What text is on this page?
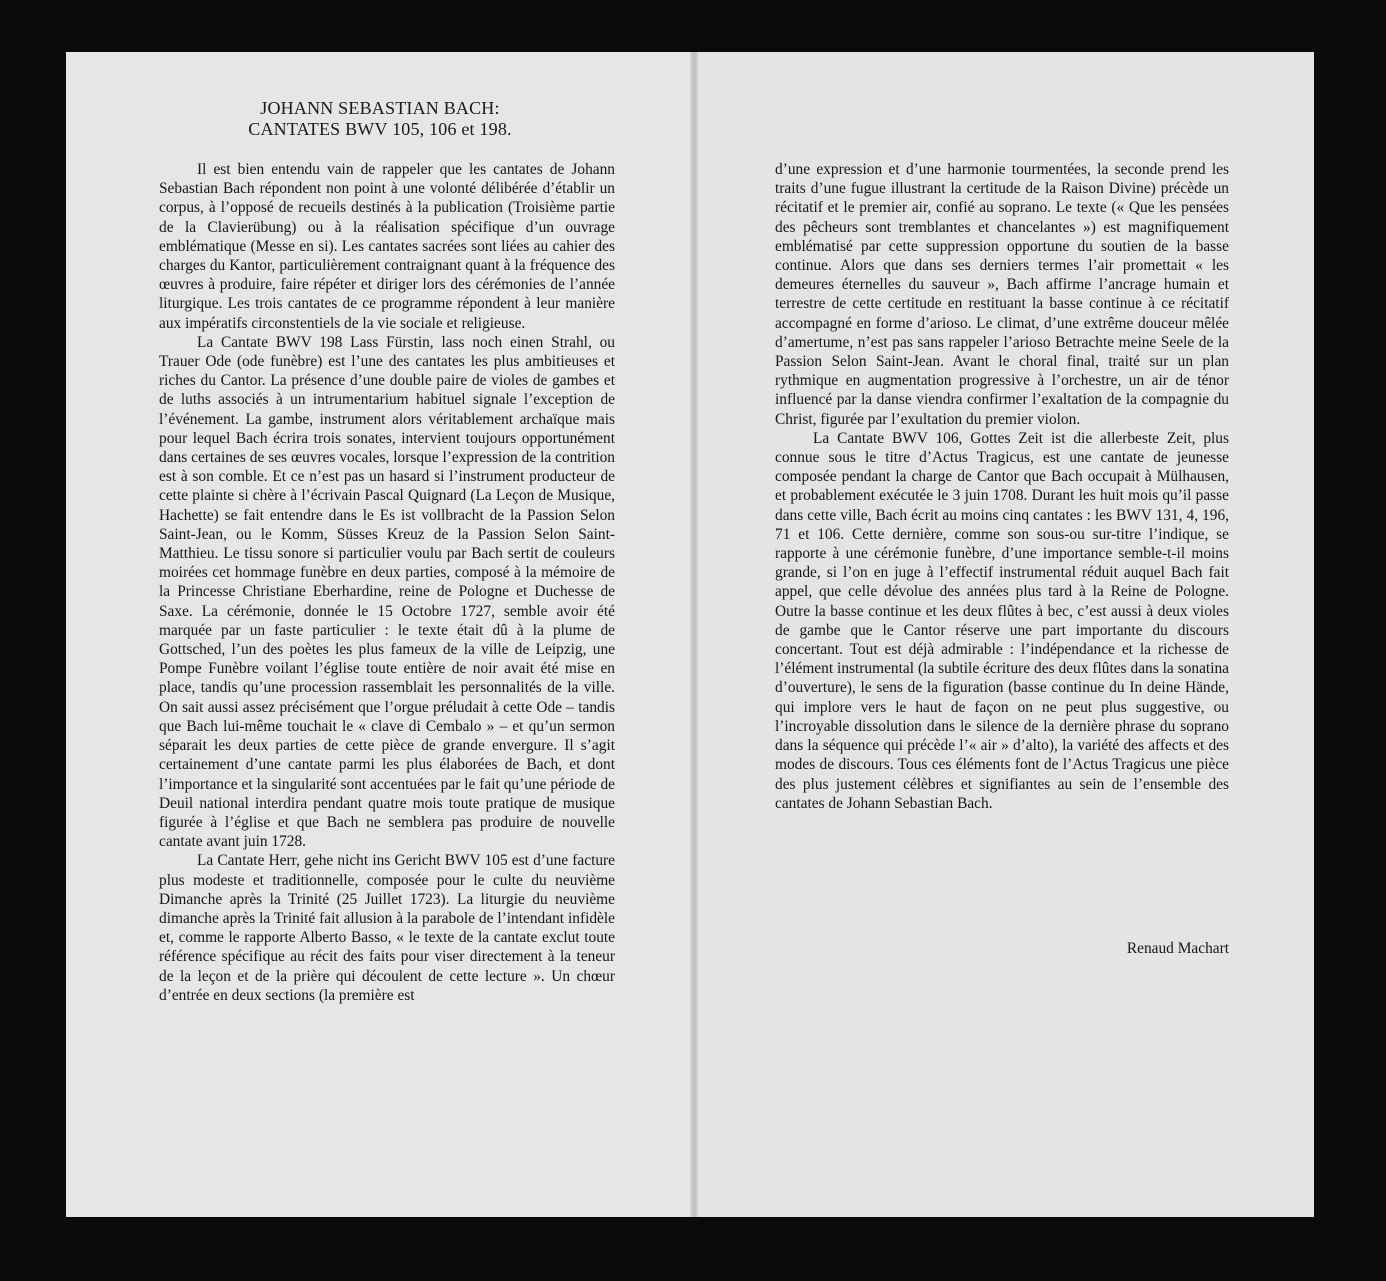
JOHANN SEBASTIAN BACH:
CANTATES BWV 105, 106 et 198.

Il est bien entendu vain de rappeler que les cantates de Johann Sebastian Bach répondent non point à une volonté délibérée d’établir un corpus, à l’opposé de recueils destinés à la publication (Troisième partie de la Clavierübung) ou à la réalisation spécifique d’un ouvrage emblématique (Messe en si). Les cantates sacrées sont liées au cahier des charges du Kantor, particulièrement contraignant quant à la fréquence des œuvres à produire, faire répéter et diriger lors des cérémonies de l’année liturgique. Les trois cantates de ce programme répondent à leur manière aux impératifs circonstentiels de la vie sociale et religieuse.

La Cantate BWV 198 Lass Fürstin, lass noch einen Strahl, ou Trauer Ode (ode funèbre) est l’une des cantates les plus ambitieuses et riches du Cantor. La présence d’une double paire de violes de gambes et de luths associés à un intrumentarium habituel signale l’exception de l’événement. La gambe, instrument alors véritablement archaïque mais pour lequel Bach écrira trois sonates, intervient toujours opportunément dans certaines de ses œuvres vocales, lorsque l’expression de la contrition est à son comble. Et ce n’est pas un hasard si l’instrument producteur de cette plainte si chère à l’écrivain Pascal Quignard (La Leçon de Musique, Hachette) se fait entendre dans le Es ist vollbracht de la Passion Selon Saint-Jean, ou le Komm, Süsses Kreuz de la Passion Selon Saint-Matthieu. Le tissu sonore si particulier voulu par Bach sertit de couleurs moirées cet hommage funèbre en deux parties, composé à la mémoire de la Princesse Christiane Eberhardine, reine de Pologne et Duchesse de Saxe. La cérémonie, donnée le 15 Octobre 1727, semble avoir été marquée par un faste particulier : le texte était dû à la plume de Gottsched, l’un des poètes les plus fameux de la ville de Leipzig, une Pompe Funèbre voilant l’église toute entière de noir avait été mise en place, tandis qu’une procession rassemblait les personnalités de la ville. On sait aussi assez précisément que l’orgue préludait à cette Ode – tandis que Bach lui-même touchait le « clave di Cembalo » – et qu’un sermon séparait les deux parties de cette pièce de grande envergure. Il s’agit certainement d’une cantate parmi les plus élaborées de Bach, et dont l’importance et la singularité sont accentuées par le fait qu’une période de Deuil national interdira pendant quatre mois toute pratique de musique figurée à l’église et que Bach ne semblera pas produire de nouvelle cantate avant juin 1728.

La Cantate Herr, gehe nicht ins Gericht BWV 105 est d’une facture plus modeste et traditionnelle, composée pour le culte du neuvième Dimanche après la Trinité (25 Juillet 1723). La liturgie du neuvième dimanche après la Trinité fait allusion à la parabole de l’intendant infidèle et, comme le rapporte Alberto Basso, « le texte de la cantate exclut toute référence spécifique au récit des faits pour viser directement à la teneur de la leçon et de la prière qui découlent de cette lecture ». Un chœur d’entrée en deux sections (la première est

d’une expression et d’une harmonie tourmentées, la seconde prend les traits d’une fugue illustrant la certitude de la Raison Divine) précède un récitatif et le premier air, confié au soprano. Le texte (« Que les pensées des pêcheurs sont tremblantes et chancelantes ») est magnifiquement emblématisé par cette suppression opportune du soutien de la basse continue. Alors que dans ses derniers termes l’air promettait « les demeures éternelles du sauveur », Bach affirme l’ancrage humain et terrestre de cette certitude en restituant la basse continue à ce récitatif accompagné en forme d’arioso. Le climat, d’une extrême douceur mêlée d’amertume, n’est pas sans rappeler l’arioso Betrachte meine Seele de la Passion Selon Saint-Jean. Avant le choral final, traité sur un plan rythmique en augmentation progressive à l’orchestre, un air de ténor influencé par la danse viendra confirmer l’exaltation de la compagnie du Christ, figurée par l’exultation du premier violon.

La Cantate BWV 106, Gottes Zeit ist die allerbeste Zeit, plus connue sous le titre d’Actus Tragicus, est une cantate de jeunesse composée pendant la charge de Cantor que Bach occupait à Mülhausen, et probablement exécutée le 3 juin 1708. Durant les huit mois qu’il passe dans cette ville, Bach écrit au moins cinq cantates : les BWV 131, 4, 196, 71 et 106. Cette dernière, comme son sous-ou sur-titre l’indique, se rapporte à une cérémonie funèbre, d’une importance semble-t-il moins grande, si l’on en juge à l’effectif instrumental réduit auquel Bach fait appel, que celle dévolue des années plus tard à la Reine de Pologne. Outre la basse continue et les deux flûtes à bec, c’est aussi à deux violes de gambe que le Cantor réserve une part importante du discours concertant. Tout est déjà admirable : l’indépendance et la richesse de l’élément instrumental (la subtile écriture des deux flûtes dans la sonatina d’ouverture), le sens de la figuration (basse continue du In deine Hände, qui implore vers le haut de façon on ne peut plus suggestive, ou l’incroyable dissolution dans le silence de la dernière phrase du soprano dans la séquence qui précède l’« air » d’alto), la variété des affects et des modes de discours. Tous ces éléments font de l’Actus Tragicus une pièce des plus justement célèbres et signifiantes au sein de l’ensemble des cantates de Johann Sebastian Bach.

Renaud Machart
